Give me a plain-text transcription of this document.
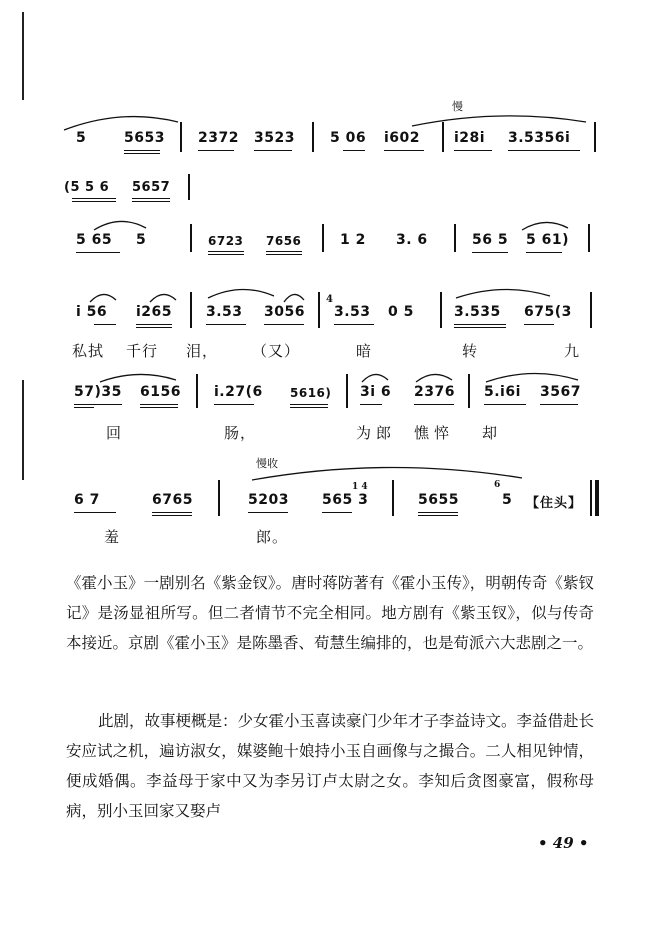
慢
慢收
5	5653 2372 3523	5 06 i602 i28i 3.5356i
(5 5 6 5657
5 65 5	6723 7656	1 2 3. 6	56 5 5 61)
i 56 i265 3.53 3056
4
3.53 0 5	3.535 675(3
私拭 千行 泪， （又）	暗	转	九
57)35 6156 i.27(6 5616) 3i 6 2376 5.i6i 3567
回	肠，	为 郎 憔 悴 却
6 7	6765	5203 565 3
1 4
5655
6
5 【住头】
羞	郎。
《霍小玉》一剧别名《紫金钗》。唐时蒋防著有《霍小玉传》，明朝传奇《紫钗记》是汤显祖所写。但二者情节不完全相同。地方剧有《紫玉钗》，似与传奇本接近。京剧《霍小玉》是陈墨香、荀慧生编排的，也是荀派六大悲剧之一。
此剧，故事梗概是：少女霍小玉喜读豪门少年才子李益诗文。李益借赴长安应试之机，遍访淑女，媒婆鲍十娘持小玉自画像与之撮合。二人相见钟情，便成婚偶。李益母于家中又为李另订卢太尉之女。李知后贪图豪富，假称母病，别小玉回家又娶卢
• 49 •
